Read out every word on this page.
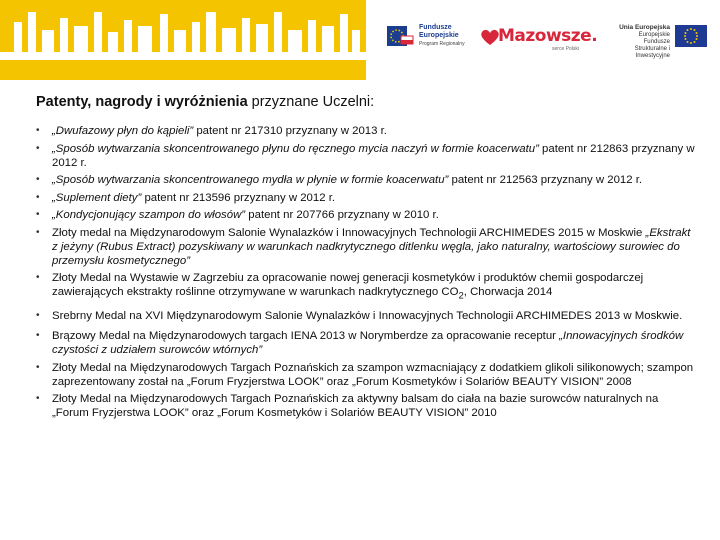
Fundusze
Europejskie
Program Regionalny Mazowsze.
serce Polski
Unia Europejska
Europejskie Fundusze
Strukturalne i Inwestycyjne
Patenty, nagrody i wyróżnienia przyznane Uczelni:
• „Dwufazowy płyn do kąpieli” patent nr 217310 przyznany w 2013 r.
• „Sposób wytwarzania skoncentrowanego płynu do ręcznego mycia naczyń w formie koacerwatu” patent nr 212863 przyznany w 2012 r.
• „Sposób wytwarzania skoncentrowanego mydła w płynie w formie koacerwatu” patent nr 212563 przyznany w 2012 r.
• „Suplement diety” patent nr 213596 przyznany w 2012 r.
• „Kondycjonujący szampon do włosów” patent nr 207766 przyznany w 2010 r.
• Złoty medal na Międzynarodowym Salonie Wynalazków i Innowacyjnych Technologii ARCHIMEDES 2015 w Moskwie „Ekstrakt z jeżyny (Rubus Extract) pozyskiwany w warunkach nadkrytycznego ditlenku węgla, jako naturalny, wartościowy surowiec do przemysłu kosmetycznego”
• Złoty Medal na Wystawie w Zagrzebiu za opracowanie nowej generacji kosmetyków i produktów chemii gospodarczej zawierających ekstrakty roślinne otrzymywane w warunkach nadkrytycznego $CO_2$, Chorwacja 2014
• Srebrny Medal na XVI Międzynarodowym Salonie Wynalazków i Innowacyjnych Technologii ARCHIMEDES 2013 w Moskwie.
• Brązowy Medal na Międzynarodowych targach IENA 2013 w Norymberdze za opracowanie receptur „Innowacyjnych środków czystości z udziałem surowców wtórnych”
• Złoty Medal na Międzynarodowych Targach Poznańskich za szampon wzmacniający z dodatkiem glikoli silikonowych; szampon zaprezentowany został na „Forum Fryzjerstwa LOOK” oraz „Forum Kosmetyków i Solariów BEAUTY VISION” 2008
• Złoty Medal na Międzynarodowych Targach Poznańskich za aktywny balsam do ciała na bazie surowców naturalnych na „Forum Fryzjerstwa LOOK” oraz „Forum Kosmetyków i Solariów BEAUTY VISION” 2010
